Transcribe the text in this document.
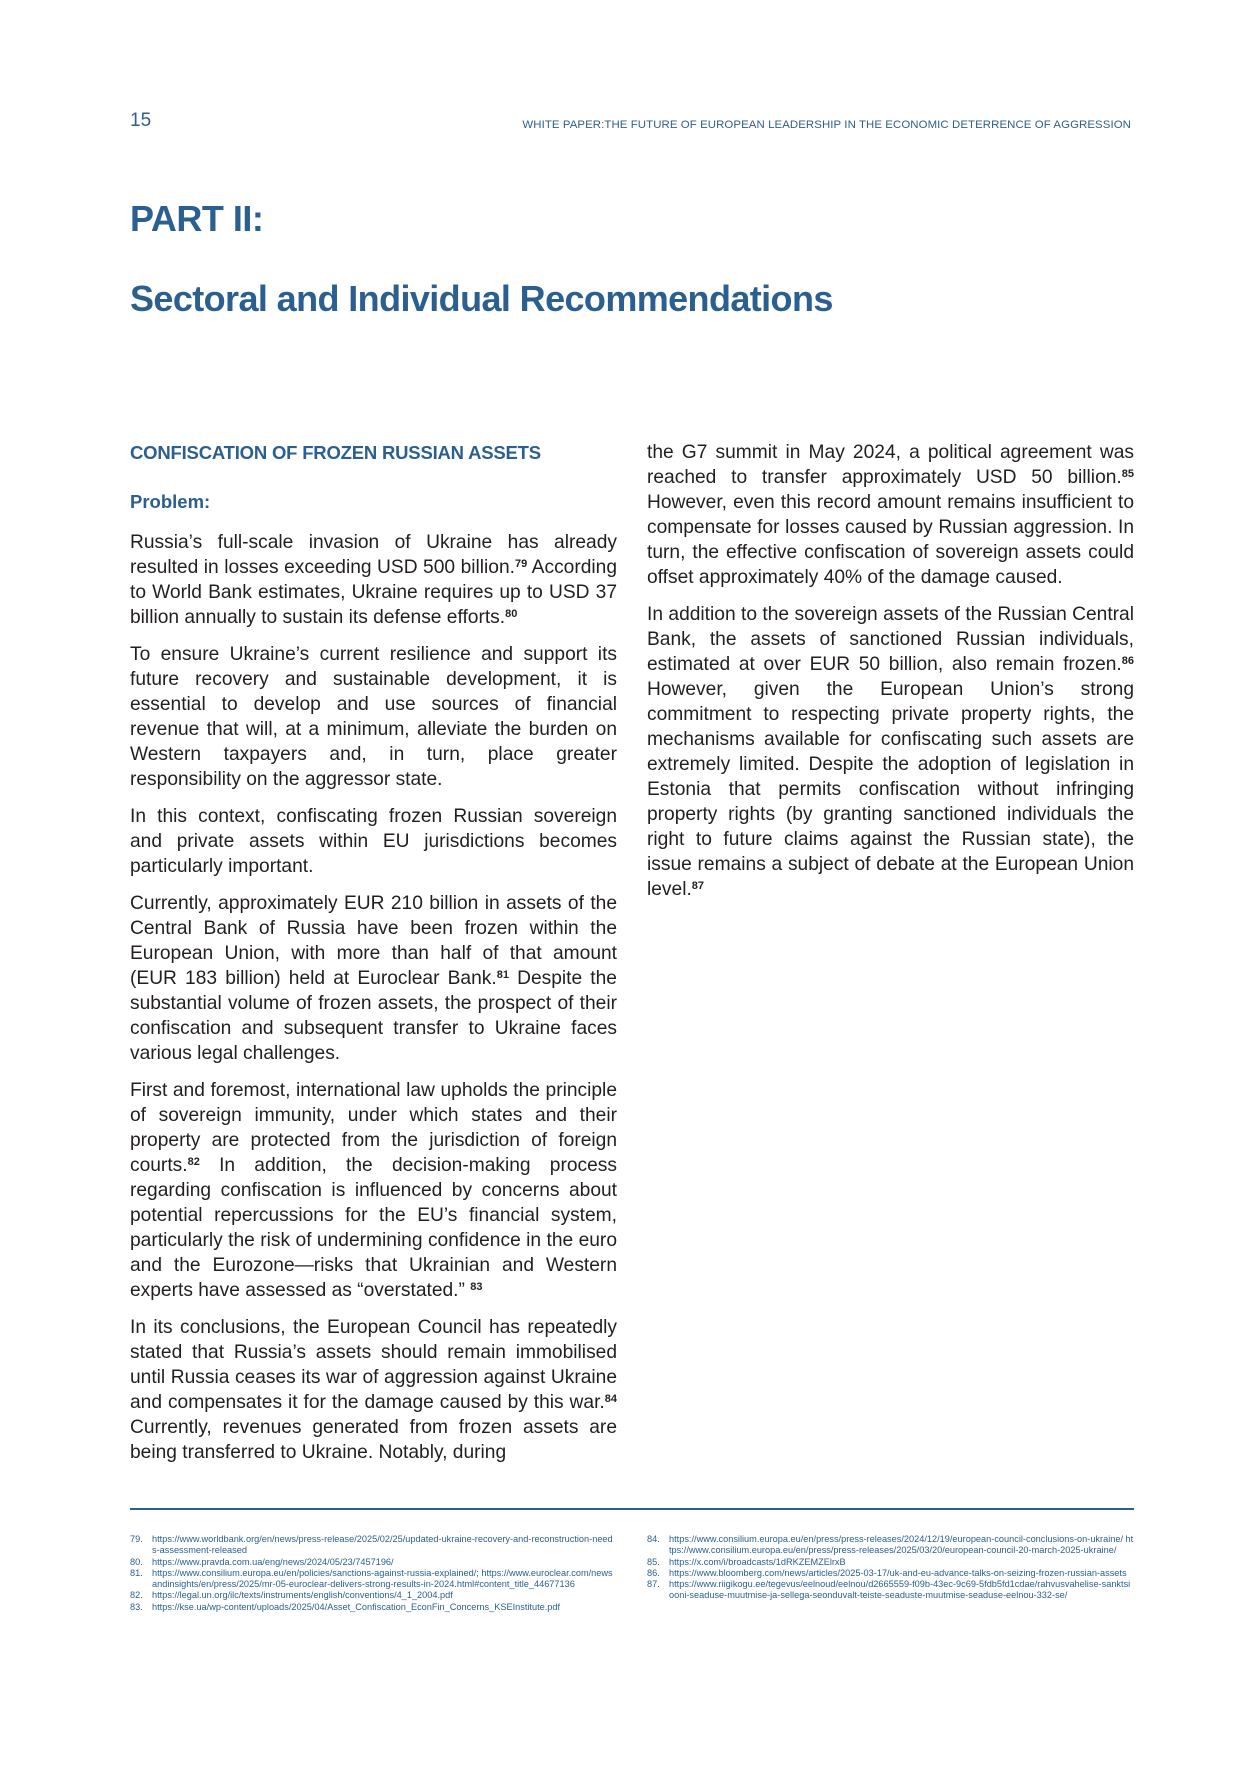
15	WHITE PAPER:THE FUTURE OF EUROPEAN LEADERSHIP IN THE ECONOMIC DETERRENCE OF AGGRESSION
PART II:
Sectoral and Individual Recommendations
CONFISCATION OF FROZEN RUSSIAN ASSETS
Problem:

Russia’s full-scale invasion of Ukraine has already resulted in losses exceeding USD 500 billion.$^{79}$ According to World Bank estimates, Ukraine requires up to USD 37 billion annually to sustain its defense efforts.$^{80}$

To ensure Ukraine’s current resilience and support its future recovery and sustainable development, it is essential to develop and use sources of financial revenue that will, at a minimum, alleviate the burden on Western taxpayers and, in turn, place greater responsibility on the aggressor state.

In this context, confiscating frozen Russian sovereign and private assets within EU jurisdictions becomes particularly important.

Currently, approximately EUR 210 billion in assets of the Central Bank of Russia have been frozen within the European Union, with more than half of that amount (EUR 183 billion) held at Euroclear Bank.$^{81}$ Despite the substantial volume of frozen assets, the prospect of their confiscation and subsequent transfer to Ukraine faces various legal challenges.

First and foremost, international law upholds the principle of sovereign immunity, under which states and their property are protected from the jurisdiction of foreign courts.$^{82}$ In addition, the decision-making process regarding confiscation is influenced by concerns about potential repercussions for the EU’s financial system, particularly the risk of undermining confidence in the euro and the Eurozone—risks that Ukrainian and Western experts have assessed as “overstated.” $^{83}$

In its conclusions, the European Council has repeatedly stated that Russia’s assets should remain immobilised until Russia ceases its war of aggression against Ukraine and compensates it for the damage caused by this war.$^{84}$ Currently, revenues generated from frozen assets are being transferred to Ukraine. Notably, during

the G7 summit in May 2024, a political agreement was reached to transfer approximately USD 50 billion.$^{85}$ However, even this record amount remains insufficient to compensate for losses caused by Russian aggression. In turn, the effective confiscation of sovereign assets could offset approximately 40% of the damage caused.

In addition to the sovereign assets of the Russian Central Bank, the assets of sanctioned Russian individuals, estimated at over EUR 50 billion, also remain frozen.$^{86}$ However, given the European Union’s strong commitment to respecting private property rights, the mechanisms available for confiscating such assets are extremely limited. Despite the adoption of legislation in Estonia that permits confiscation without infringing property rights (by granting sanctioned individuals the right to future claims against the Russian state), the issue remains a subject of debate at the European Union level.$^{87}$

79.	https://www.worldbank.org/en/news/press-release/2025/02/25/updated-ukraine-recovery-and-reconstruction-needs-assessment-released
80.	https://www.pravda.com.ua/eng/news/2024/05/23/7457196/
81.	https://www.consilium.europa.eu/en/policies/sanctions-against-russia-explained/; https://www.euroclear.com/newsandinsights/en/press/2025/mr-05-euroclear-delivers-strong-results-in-2024.html#content_title_44677136
82.	https://legal.un.org/ilc/texts/instruments/english/conventions/4_1_2004.pdf
83.	https://kse.ua/wp-content/uploads/2025/04/Asset_Confiscation_EconFin_Concerns_KSEInstitute.pdf
84.	https://www.consilium.europa.eu/en/press/press-releases/2024/12/19/european-council-conclusions-on-ukraine/ https://www.consilium.europa.eu/en/press/press-releases/2025/03/20/european-council-20-march-2025-ukraine/
85.	https://x.com/i/broadcasts/1dRKZEMZElrxB
86.	https://www.bloomberg.com/news/articles/2025-03-17/uk-and-eu-advance-talks-on-seizing-frozen-russian-assets
87.	https://www.riigikogu.ee/tegevus/eelnoud/eelnou/d2665559-f09b-43ec-9c69-5fdb5fd1cdae/rahvusvahelise-sanktsiooni-seaduse-muutmise-ja-sellega-seonduvalt-teiste-seaduste-muutmise-seaduse-eelnou-332-se/
